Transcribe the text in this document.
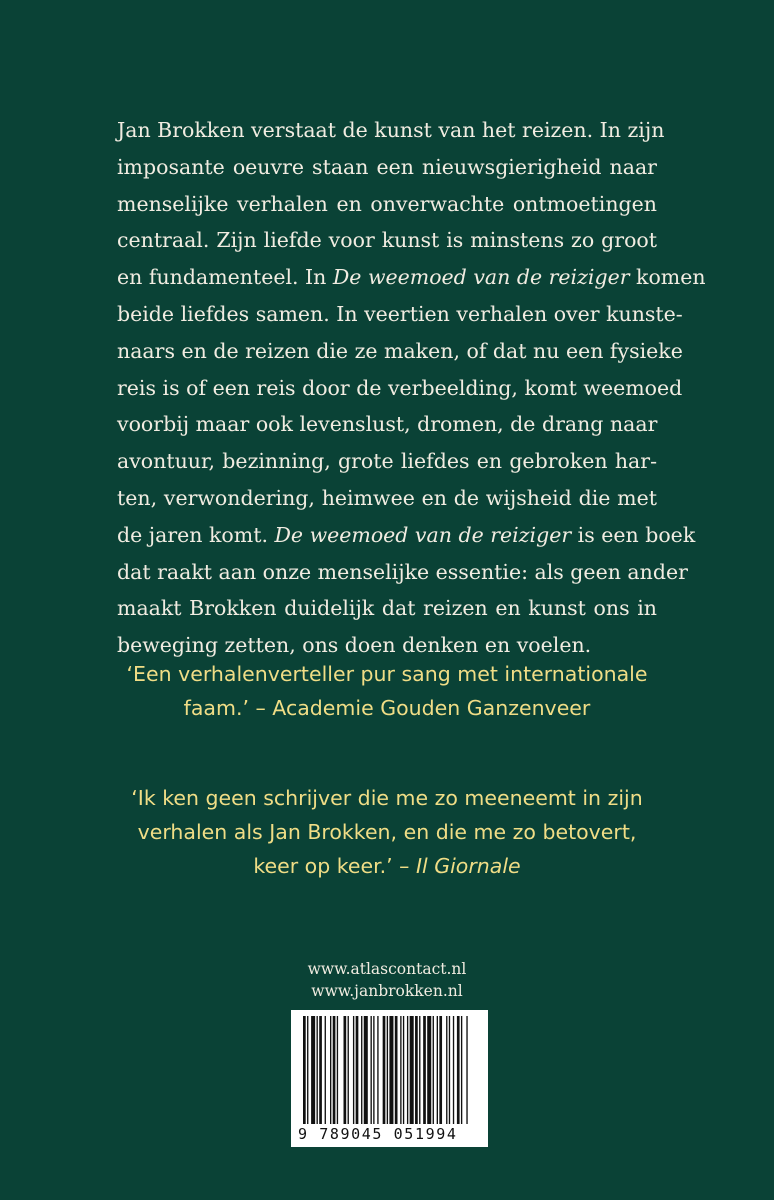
Jan Brokken verstaat de kunst van het reizen. In zijn
imposante oeuvre staan een nieuwsgierigheid naar
menselijke verhalen en onverwachte ontmoetingen
centraal. Zijn liefde voor kunst is minstens zo groot
en fundamenteel. In De weemoed van de reiziger komen
beide liefdes samen. In veertien verhalen over kunste-
naars en de reizen die ze maken, of dat nu een fysieke
reis is of een reis door de verbeelding, komt weemoed
voorbij maar ook levenslust, dromen, de drang naar
avontuur, bezinning, grote liefdes en gebroken har-
ten, verwondering, heimwee en de wijsheid die met
de jaren komt. De weemoed van de reiziger is een boek
dat raakt aan onze menselijke essentie: als geen ander
maakt Brokken duidelijk dat reizen en kunst ons in
beweging zetten, ons doen denken en voelen.
‘Een verhalenverteller pur sang met internationale
faam.’ – Academie Gouden Ganzenveer
‘Ik ken geen schrijver die me zo meeneemt in zijn
verhalen als Jan Brokken, en die me zo betovert,
keer op keer.’ – Il Giornale
www.atlascontact.nl
www.janbrokken.nl
9 789045 051994
